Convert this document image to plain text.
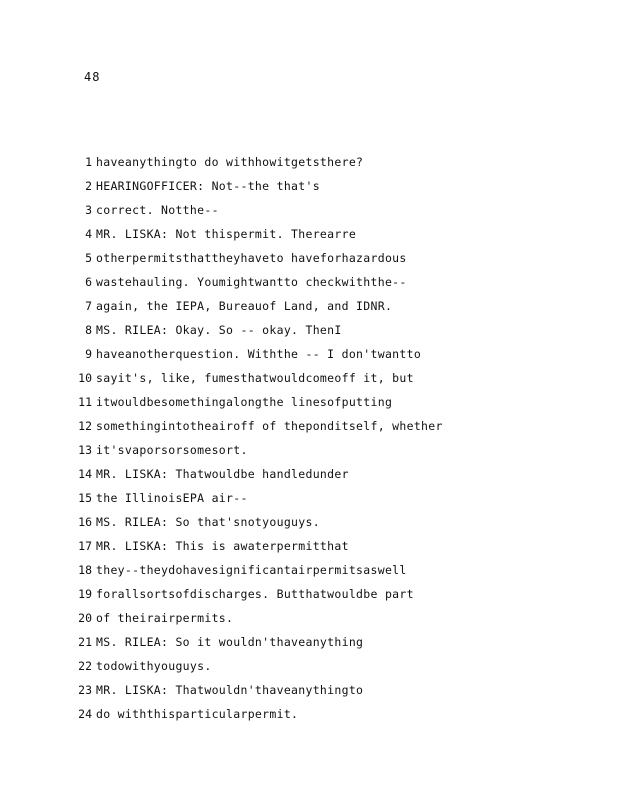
48
1 haveanythingto do withhowitgetsthere?
2 HEARINGOFFICER: Not--the that's
3 correct. Notthe--
4 MR. LISKA: Not thispermit. Therearre
5 otherpermitsthattheyhaveto haveforhazardous
6 wastehauling. Youmightwantto checkwiththe--
7 again, the IEPA, Bureauof Land, and IDNR.
8 MS. RILEA: Okay. So -- okay. ThenI
9 haveanotherquestion. Withthe -- I don'twantto
10 sayit's, like, fumesthatwouldcomeoff it, but
11 itwouldbesomethingalongthe linesofputting
12 somethingintotheairoff of theponditself, whether
13 it'svaporsorsomesort.
14 MR. LISKA: Thatwouldbe handledunder
15 the IllinoisEPA air--
16 MS. RILEA: So that'snotyouguys.
17 MR. LISKA: This is awaterpermitthat
18 they--theydohavesignificantairpermitsaswell
19 forallsortsofdischarges. Butthatwouldbe part
20 of theirairpermits.
21 MS. RILEA: So it wouldn'thaveanything
22 todowithyouguys.
23 MR. LISKA: Thatwouldn'thaveanythingto
24 do withthisparticularpermit.
